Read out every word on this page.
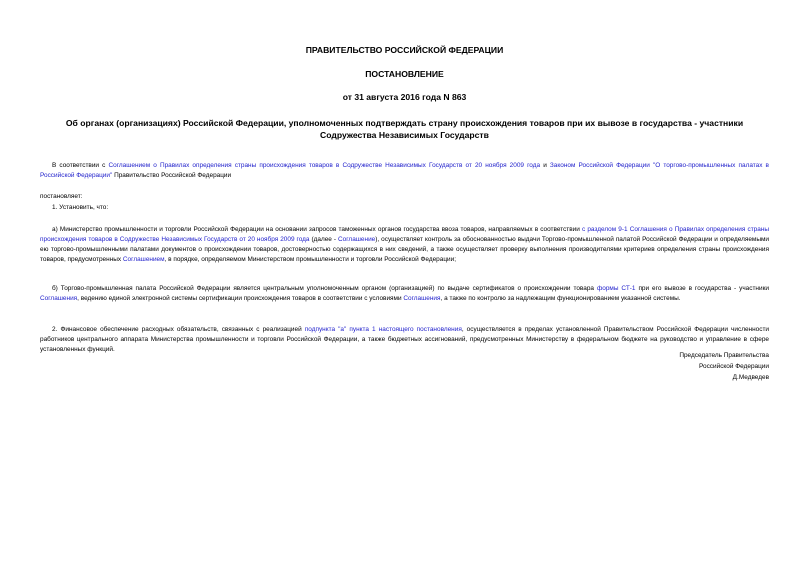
ПРАВИТЕЛЬСТВО РОССИЙСКОЙ ФЕДЕРАЦИИ
ПОСТАНОВЛЕНИЕ
от 31 августа 2016 года N 863
Об органах (организациях) Российской Федерации, уполномоченных подтверждать страну происхождения товаров при их вывозе в государства - участники Содружества Независимых Государств
В соответствии с Соглашением о Правилах определения страны происхождения товаров в Содружестве Независимых Государств от 20 ноября 2009 года и Законом Российской Федерации "О торгово-промышленных палатах в Российской Федерации" Правительство Российской Федерации
постановляет:
1. Установить, что:
а) Министерство промышленности и торговли Российской Федерации на основании запросов таможенных органов государства ввоза товаров, направляемых в соответствии с разделом 9-1 Соглашения о Правилах определения страны происхождения товаров в Содружестве Независимых Государств от 20 ноября 2009 года (далее - Соглашение), осуществляет контроль за обоснованностью выдачи Торгово-промышленной палатой Российской Федерации и определяемыми ею торгово-промышленными палатами документов о происхождении товаров, достоверностью содержащихся в них сведений, а также осуществляет проверку выполнения производителями критериев определения страны происхождения товаров, предусмотренных Соглашением, в порядке, определяемом Министерством промышленности и торговли Российской Федерации;
б) Торгово-промышленная палата Российской Федерации является центральным уполномоченным органом (организацией) по выдаче сертификатов о происхождении товара формы СТ-1 при его вывозе в государства - участники Соглашения, ведению единой электронной системы сертификации происхождения товаров в соответствии с условиями Соглашения, а также по контролю за надлежащим функционированием указанной системы.
2. Финансовое обеспечение расходных обязательств, связанных с реализацией подпункта "а" пункта 1 настоящего постановления, осуществляется в пределах установленной Правительством Российской Федерации численности работников центрального аппарата Министерства промышленности и торговли Российской Федерации, а также бюджетных ассигнований, предусмотренных Министерству в федеральном бюджете на руководство и управление в сфере установленных функций.
Председатель Правительства
Российской Федерации
Д.Медведев
